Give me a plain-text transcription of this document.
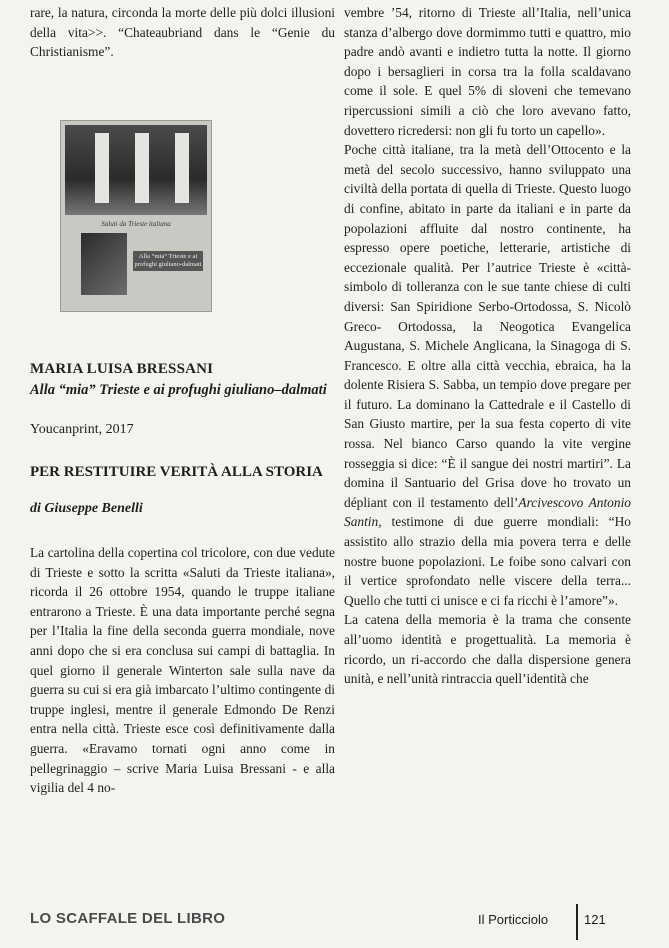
rare, la natura, circonda la morte delle più dolci illusioni della vita>>. “Chateaubriand dans le “Genie du Christianisme”.

Saluti da Trieste italiana
Alla “mia” Trieste e ai profughi giuliano-dalmati
MARIA LUISA BRESSANI
Alla “mia” Trieste e ai profughi giuliano–dalmati
Youcanprint, 2017
PER RESTITUIRE VERITÀ ALLA STORIA
di Giuseppe Benelli

La cartolina della copertina col tricolore, con due vedute di Trieste e sotto la scritta «Saluti da Trieste italiana», ricorda il 26 ottobre 1954, quando le truppe italiane entrarono a Trieste. È una data importante perché segna per l’Italia la fine della seconda guerra mondiale, nove anni dopo che si era conclusa sui campi di battaglia. In quel giorno il generale Winterton sale sulla nave da guerra su cui si era già imbarcato l’ultimo contingente di truppe inglesi, mentre il generale Edmondo De Renzi entra nella città. Trieste esce così definitivamente dalla guerra. «Eravamo tornati ogni anno come in pellegrinaggio – scrive Maria Luisa Bressani - e alla vigilia del 4 no-

vembre ’54, ritorno di Trieste all’Italia, nell’unica stanza d’albergo dove dormimmo tutti e quattro, mio padre andò avanti e indietro tutta la notte. Il giorno dopo i bersaglieri in corsa tra la folla scaldavano come il sole. E quel 5% di sloveni che temevano ripercussioni simili a ciò che loro avevano fatto, dovettero ricredersi: non gli fu torto un capello».

Poche città italiane, tra la metà dell’Ottocento e la metà del secolo successivo, hanno sviluppato una civiltà della portata di quella di Trieste. Questo luogo di confine, abitato in parte da italiani e in parte da popolazioni affluite dal nostro continente, ha espresso opere poetiche, letterarie, artistiche di eccezionale qualità. Per l’autrice Trieste è «città-simbolo di tolleranza con le sue tante chiese di culti diversi: San Spiridione Serbo-Ortodossa, S. Nicolò Greco- Ortodossa, la Neogotica Evangelica Augustana, S. Michele Anglicana, la Sinagoga di S. Francesco. E oltre alla città vecchia, ebraica, ha la dolente Risiera S. Sabba, un tempio dove pregare per il futuro. La dominano la Cattedrale e il Castello di San Giusto martire, per la sua festa coperto di vite rossa. Nel bianco Carso quando la vite vergine rosseggia si dice: “È il sangue dei nostri martiri”. La domina il Santuario del Grisa dove ho trovato un dépliant con il testamento dell’Arcivescovo Antonio Santin, testimone di due guerre mondiali: “Ho assistito allo strazio della mia povera terra e delle nostre buone popolazioni. Le foibe sono calvari con il vertice sprofondato nelle viscere della terra... Quello che tutti ci unisce e ci fa ricchi è l’amore”».

La catena della memoria è la trama che consente all’uomo identità e progettualità. La memoria è ricordo, un ri-accordo che dalla dispersione genera unità, e nell’unità rintraccia quell’identità che

LO SCAFFALE DEL LIBRO	Il Porticciolo	121
